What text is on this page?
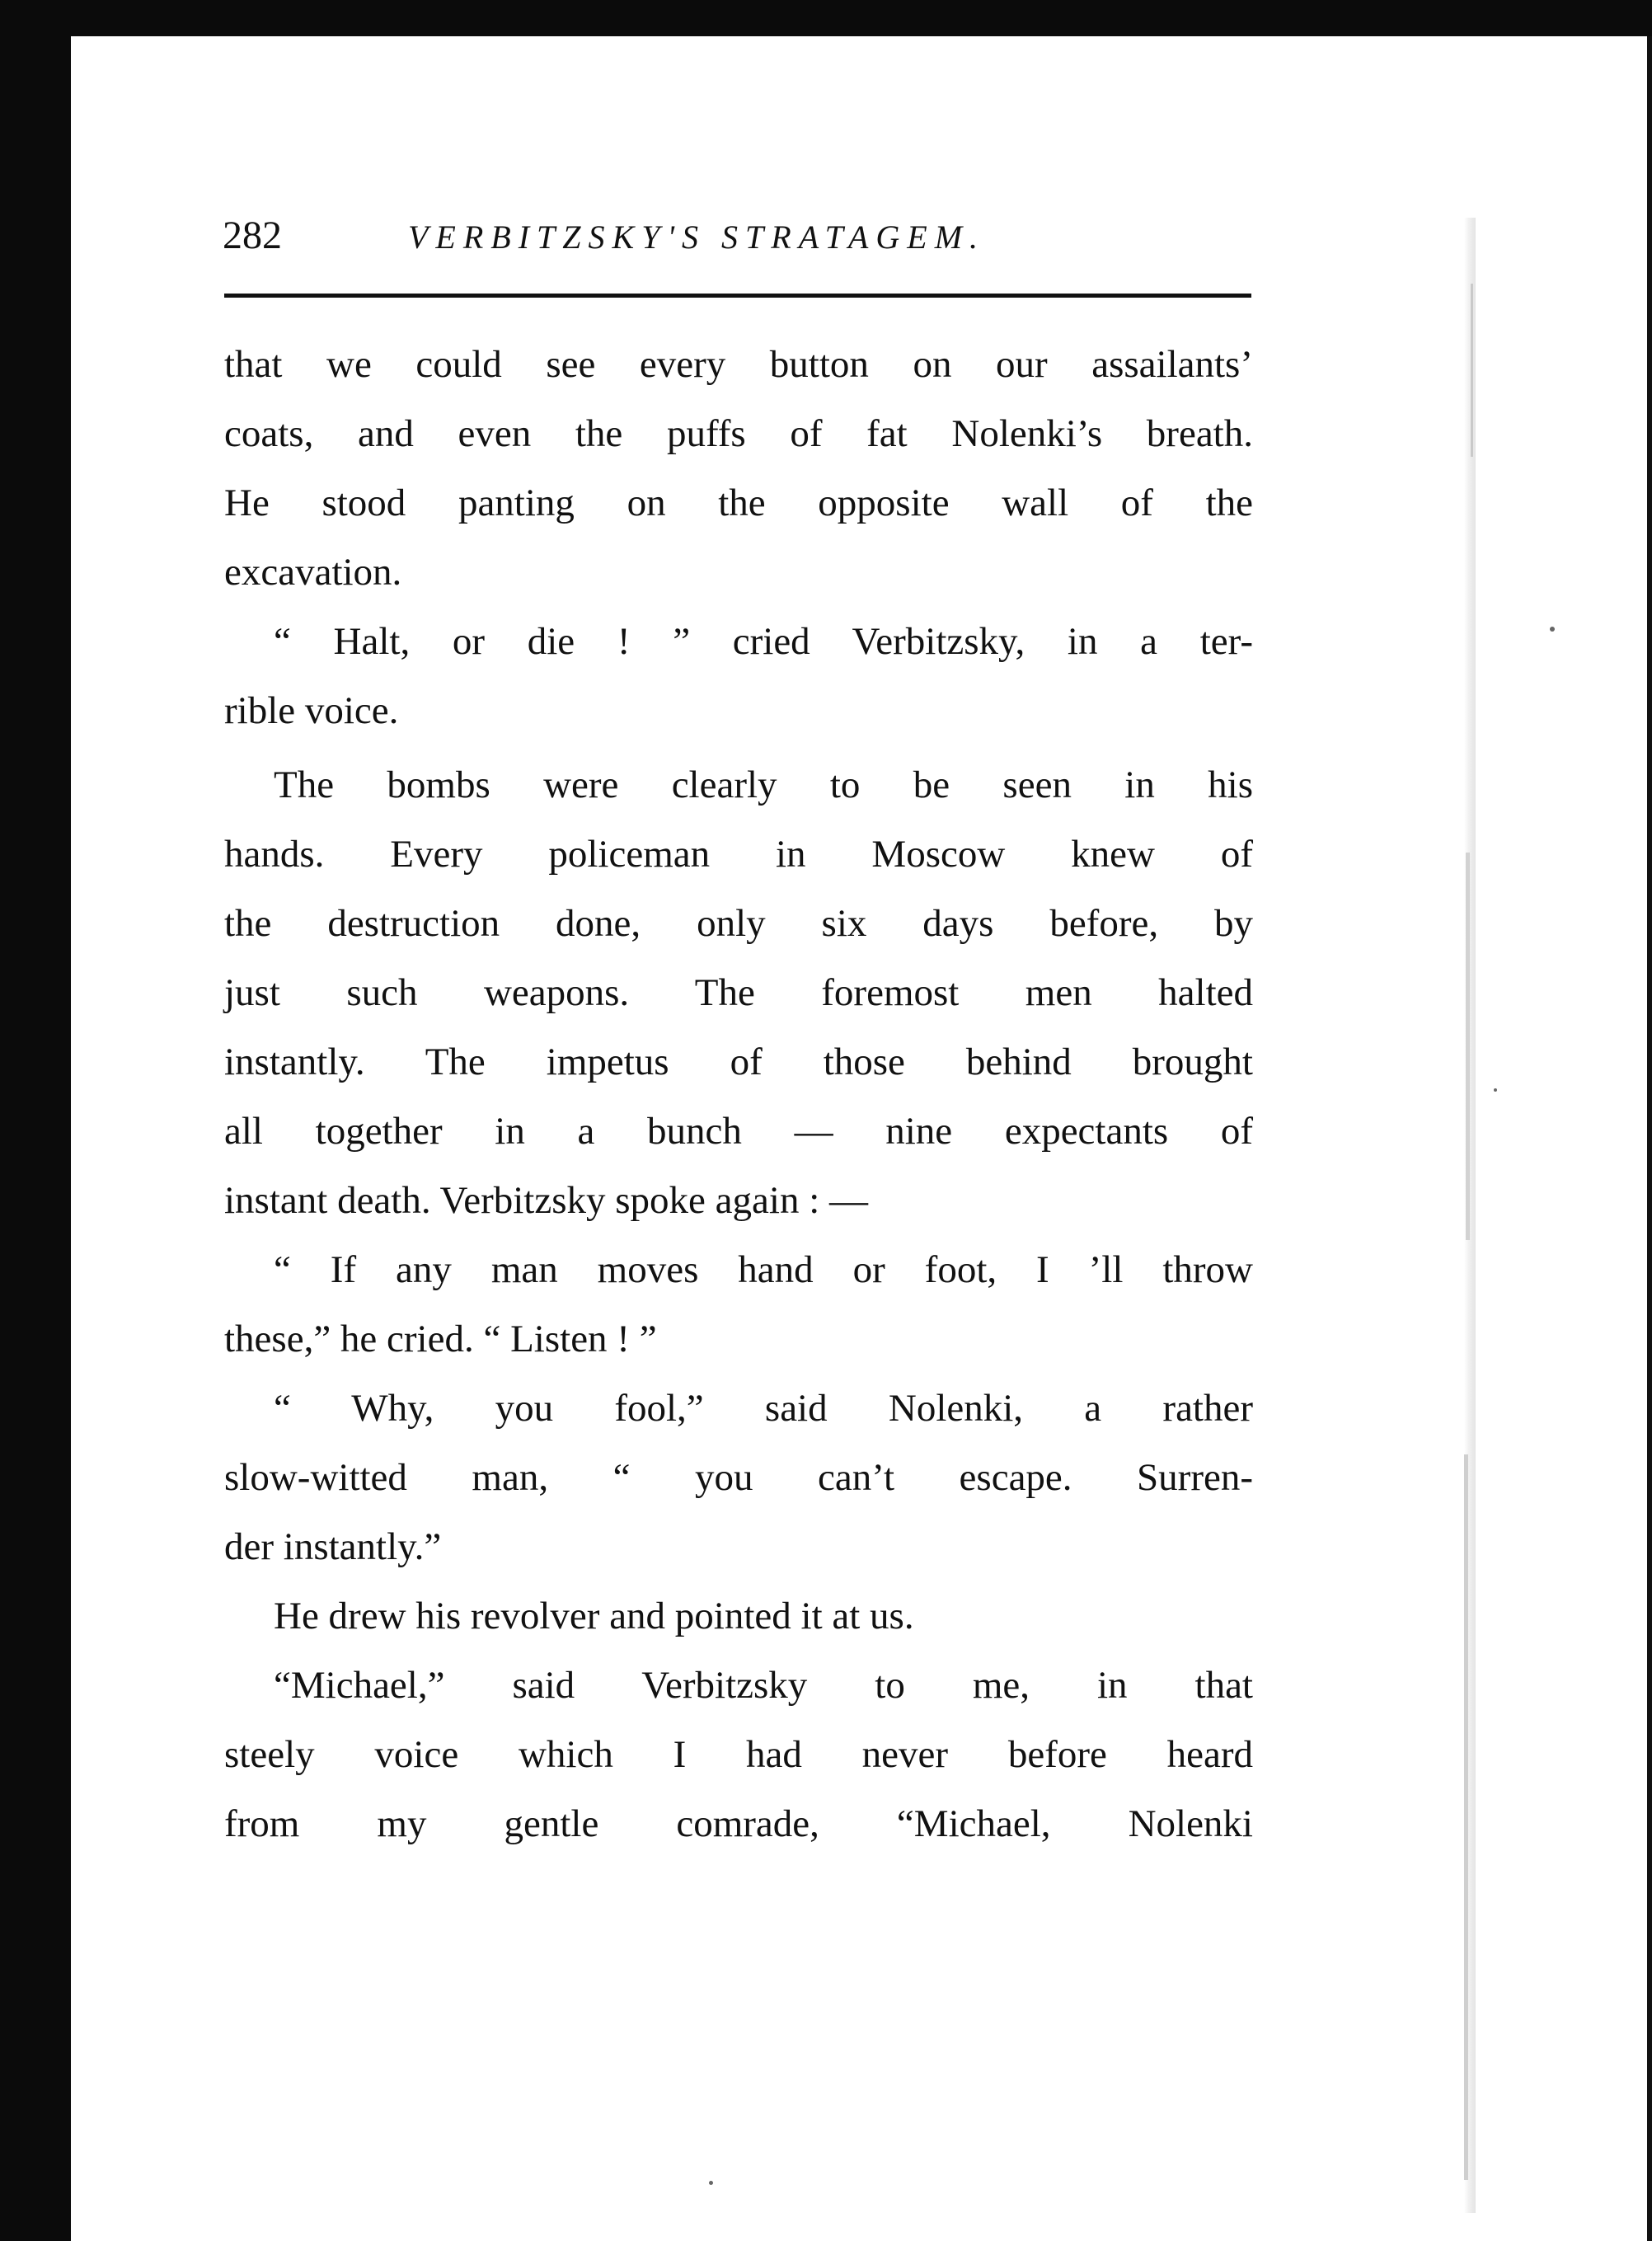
282	VERBITZSKY'S STRATAGEM.
that we could see every button on our assailants’
coats, and even the puffs of fat Nolenki’s breath.
He stood panting on the opposite wall of the
excavation.
“ Halt, or die ! ” cried Verbitzsky, in a ter-
rible voice.
The bombs were clearly to be seen in his
hands. Every policeman in Moscow knew of
the destruction done, only six days before, by
just such weapons. The foremost men halted
instantly. The impetus of those behind brought
all together in a bunch — nine expectants of
instant death. Verbitzsky spoke again : —
“ If any man moves hand or foot, I ’ll throw
these,” he cried. “ Listen ! ”
“ Why, you fool,” said Nolenki, a rather
slow-witted man, “ you can’t escape. Surren-
der instantly.”
He drew his revolver and pointed it at us.
“Michael,” said Verbitzsky to me, in that
steely voice which I had never before heard
from my gentle comrade, “Michael, Nolenki
